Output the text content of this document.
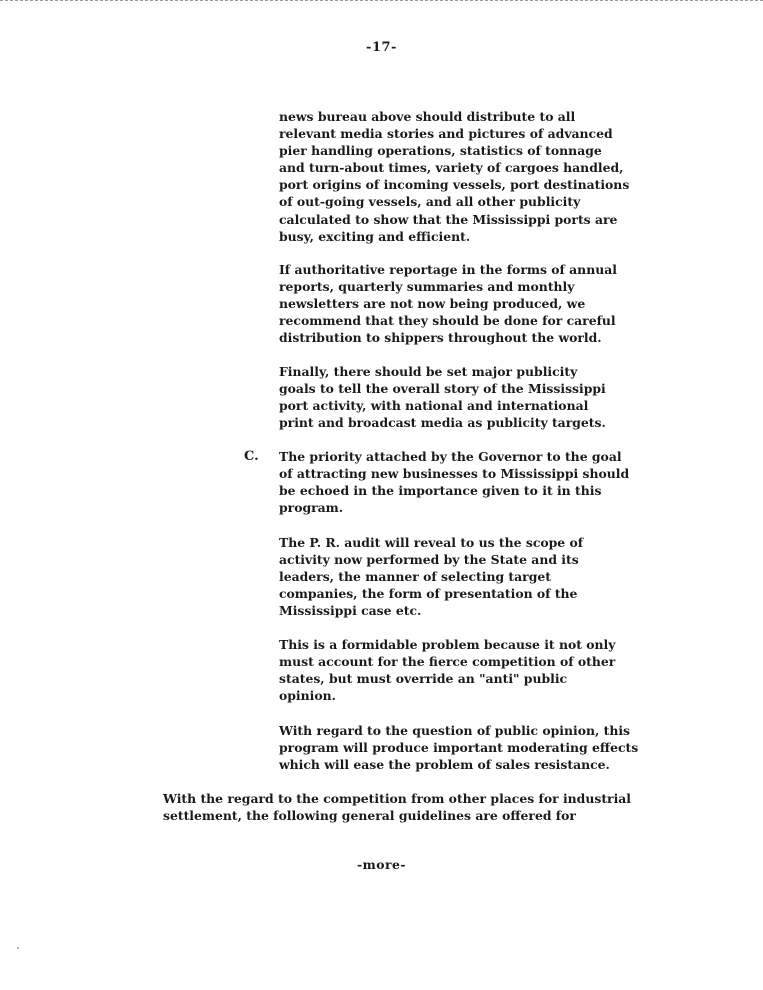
-17-
news bureau above should distribute to all
relevant media stories and pictures of advanced
pier handling operations, statistics of tonnage
and turn-about times, variety of cargoes handled,
port origins of incoming vessels, port destinations
of out-going vessels, and all other publicity
calculated to show that the Mississippi ports are
busy, exciting and efficient.
If authoritative reportage in the forms of annual
reports, quarterly summaries and monthly
newsletters are not now being produced, we
recommend that they should be done for careful
distribution to shippers throughout the world.
Finally, there should be set major publicity
goals to tell the overall story of the Mississippi
port activity, with national and international
print and broadcast media as publicity targets.
C. The priority attached by the Governor to the goal
of attracting new businesses to Mississippi should
be echoed in the importance given to it in this
program.
The P. R. audit will reveal to us the scope of
activity now performed by the State and its
leaders, the manner of selecting target
companies, the form of presentation of the
Mississippi case etc.
This is a formidable problem because it not only
must account for the fierce competition of other
states, but must override an "anti" public
opinion.
With regard to the question of public opinion, this
program will produce important moderating effects
which will ease the problem of sales resistance.
With the regard to the competition from other places for industrial
settlement, the following general guidelines are offered for
-more-
